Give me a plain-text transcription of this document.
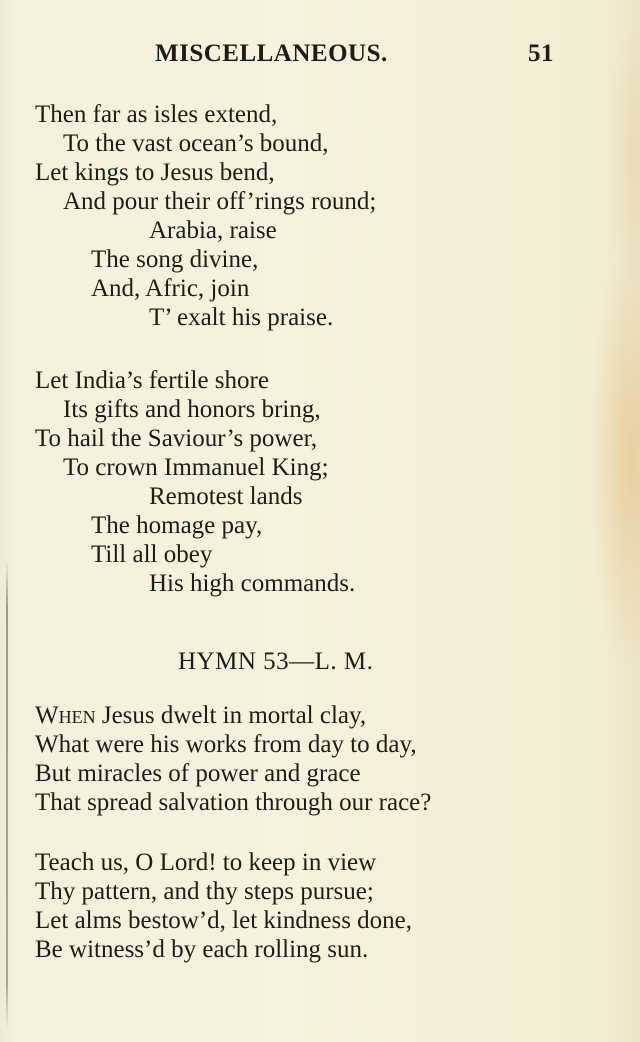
MISCELLANEOUS.	51
Then far as isles extend,
To the vast ocean’s bound,
Let kings to Jesus bend,
And pour their off’rings round;
Arabia, raise
The song divine,
And, Afric, join
T’ exalt his praise.
Let India’s fertile shore
Its gifts and honors bring,
To hail the Saviour’s power,
To crown Immanuel King;
Remotest lands
The homage pay,
Till all obey
His high commands.
HYMN 53—L. M.
When Jesus dwelt in mortal clay,
What were his works from day to day,
But miracles of power and grace
That spread salvation through our race?
Teach us, O Lord! to keep in view
Thy pattern, and thy steps pursue;
Let alms bestow’d, let kindness done,
Be witness’d by each rolling sun.
